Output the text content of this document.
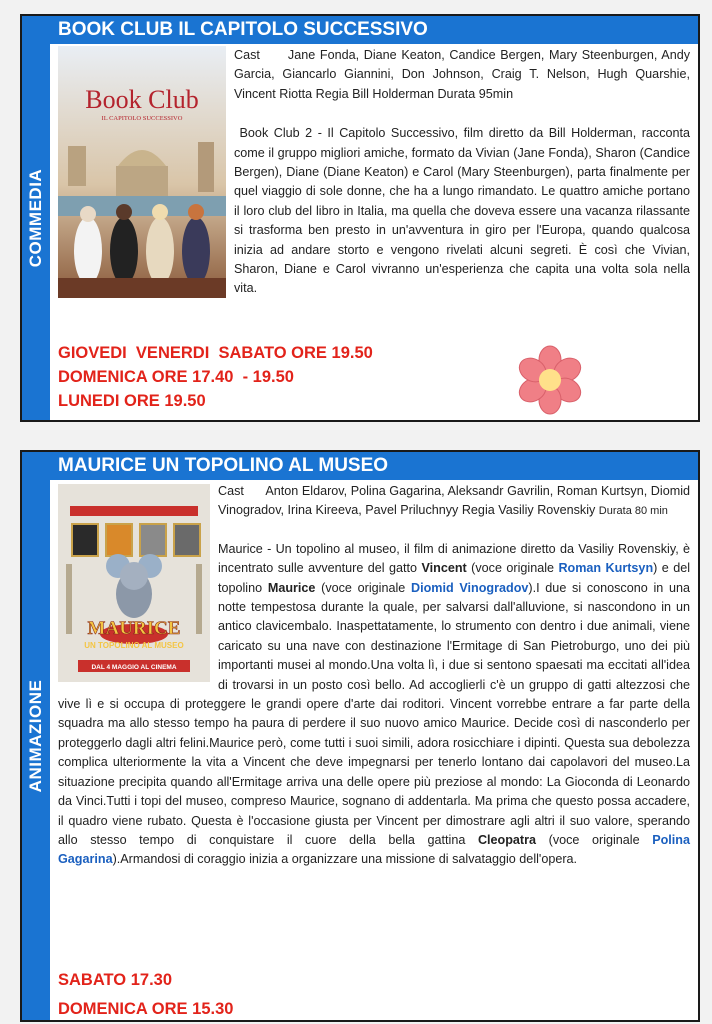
COMMEDIA
BOOK CLUB IL CAPITOLO SUCCESSIVO
Book Club
IL CAPITOLO SUCCESSIVO

Cast Jane Fonda, Diane Keaton, Candice Bergen, Mary Steenburgen, Andy Garcia, Giancarlo Giannini, Don Johnson, Craig T. Nelson, Hugh Quarshie, Vincent Riotta Regia Bill Holderman Durata 95min

Book Club 2 - Il Capitolo Successivo, film diretto da Bill Holderman, racconta come il gruppo migliori amiche, formato da Vivian (Jane Fonda), Sharon (Candice Bergen), Diane (Diane Keaton) e Carol (Mary Steenburgen), parta finalmente per quel viaggio di sole donne, che ha a lungo rimandato. Le quattro amiche portano il loro club del libro in Italia, ma quella che doveva essere una vacanza rilassante si trasforma ben presto in un'avventura in giro per l'Europa, quando qualcosa inizia ad andare storto e vengono rivelati alcuni segreti. È così che Vivian, Sharon, Diane e Carol vivranno un'esperienza che capita una volta sola nella vita.

GIOVEDI  VENERDI  SABATO ORE 19.50
DOMENICA ORE 17.40  - 19.50
LUNEDI ORE 19.50
ANIMAZIONE
MAURICE UN TOPOLINO AL MUSEO
MAURICE
UN TOPOLINO AL MUSEO
DAL 4 MAGGIO AL CINEMA

Cast Anton Eldarov, Polina Gagarina, Aleksandr Gavrilin, Roman Kurtsyn, Diomid Vinogradov, Irina Kireeva, Pavel Priluchnyy Regia Vasiliy Rovenskiy Durata 80 min

Maurice - Un topolino al museo, il film di animazione diretto da Vasiliy Rovenskiy, è incentrato sulle avventure del gatto Vincent (voce originale Roman Kurtsyn) e del topolino Maurice (voce originale Diomid Vinogradov).I due si conoscono in una notte tempestosa durante la quale, per salvarsi dall'alluvione, si nascondono in un antico clavicembalo. Inaspettatamente, lo strumento con dentro i due animali, viene caricato su una nave con destinazione l'Ermitage di San Pietroburgo, uno dei più importanti musei al mondo.Una volta lì, i due si sentono spaesati ma eccitati all'idea di trovarsi in un posto così bello. Ad accoglierli c'è un gruppo di gatti altezzosi che vive lì e si occupa di proteggere le grandi opere d'arte dai roditori. Vincent vorrebbe entrare a far parte della squadra ma allo stesso tempo ha paura di perdere il suo nuovo amico Maurice. Decide così di nasconderlo per proteggerlo dagli altri felini.Maurice però, come tutti i suoi simili, adora rosicchiare i dipinti. Questa sua debolezza complica ulteriormente la vita a Vincent che deve impegnarsi per tenerlo lontano dai capolavori del museo.La situazione precipita quando all'Ermitage arriva una delle opere più preziose al mondo: La Gioconda di Leonardo da Vinci.Tutti i topi del museo, compreso Maurice, sognano di addentarla. Ma prima che questo possa accadere, il quadro viene rubato. Questa è l'occasione giusta per Vincent per dimostrare agli altri il suo valore, sperando allo stesso tempo di conquistare il cuore della bella gattina Cleopatra (voce originale Polina Gagarina).Armandosi di coraggio inizia a organizzare una missione di salvataggio dell'opera.

SABATO 17.30
DOMENICA ORE 15.30
